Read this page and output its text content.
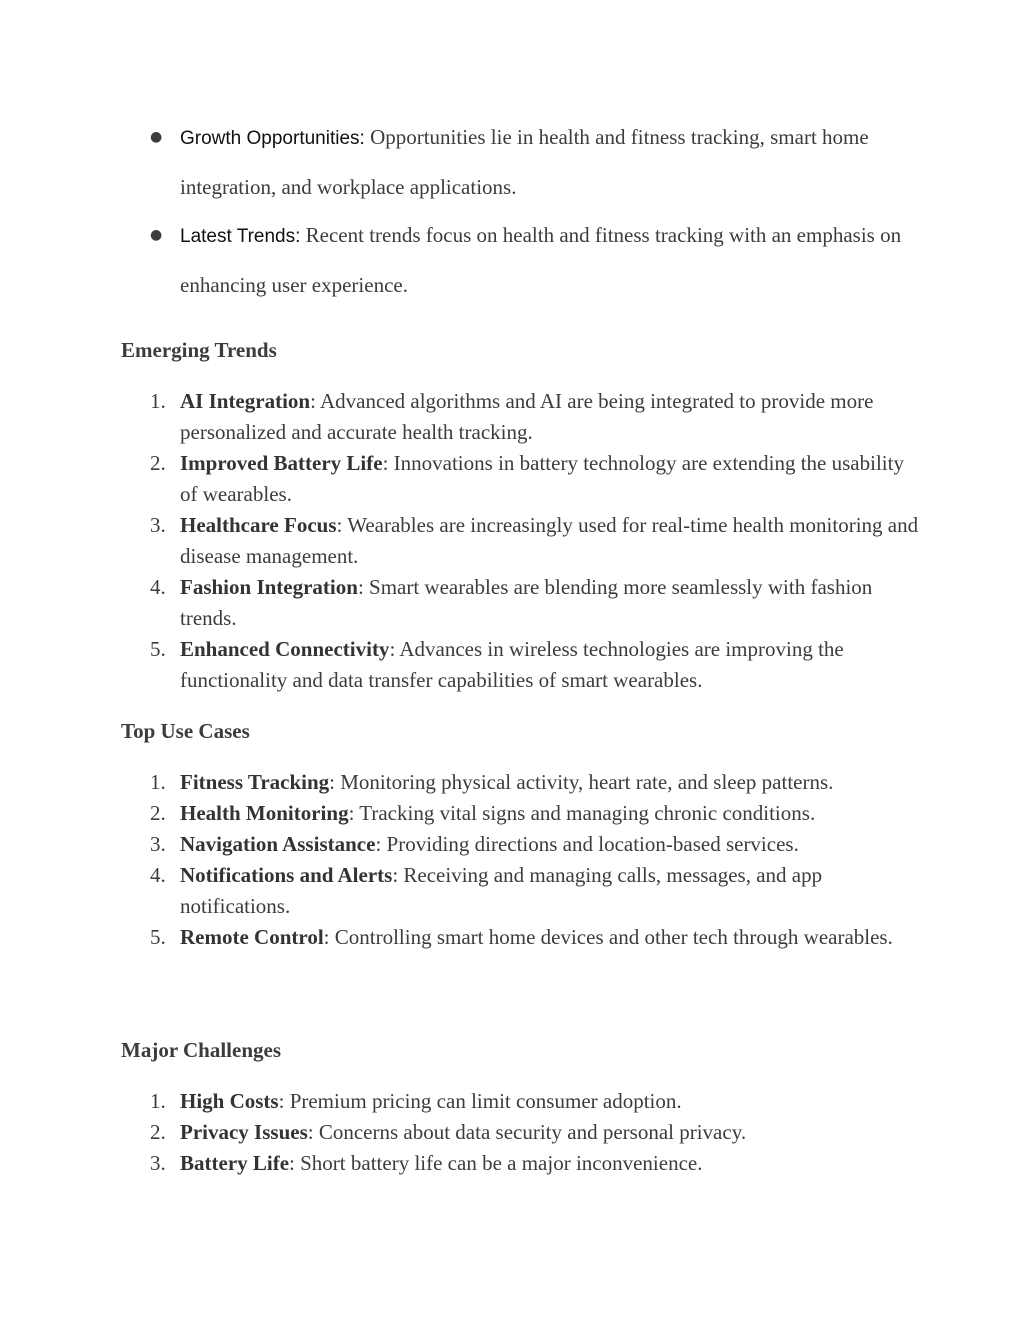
● Growth Opportunities: Opportunities lie in health and fitness tracking, smart home integration, and workplace applications.
● Latest Trends: Recent trends focus on health and fitness tracking with an emphasis on enhancing user experience.
Emerging Trends
1. AI Integration: Advanced algorithms and AI are being integrated to provide more personalized and accurate health tracking.
2. Improved Battery Life: Innovations in battery technology are extending the usability of wearables.
3. Healthcare Focus: Wearables are increasingly used for real-time health monitoring and disease management.
4. Fashion Integration: Smart wearables are blending more seamlessly with fashion trends.
5. Enhanced Connectivity: Advances in wireless technologies are improving the functionality and data transfer capabilities of smart wearables.
Top Use Cases
1. Fitness Tracking: Monitoring physical activity, heart rate, and sleep patterns.
2. Health Monitoring: Tracking vital signs and managing chronic conditions.
3. Navigation Assistance: Providing directions and location-based services.
4. Notifications and Alerts: Receiving and managing calls, messages, and app notifications.
5. Remote Control: Controlling smart home devices and other tech through wearables.
Major Challenges
1. High Costs: Premium pricing can limit consumer adoption.
2. Privacy Issues: Concerns about data security and personal privacy.
3. Battery Life: Short battery life can be a major inconvenience.
